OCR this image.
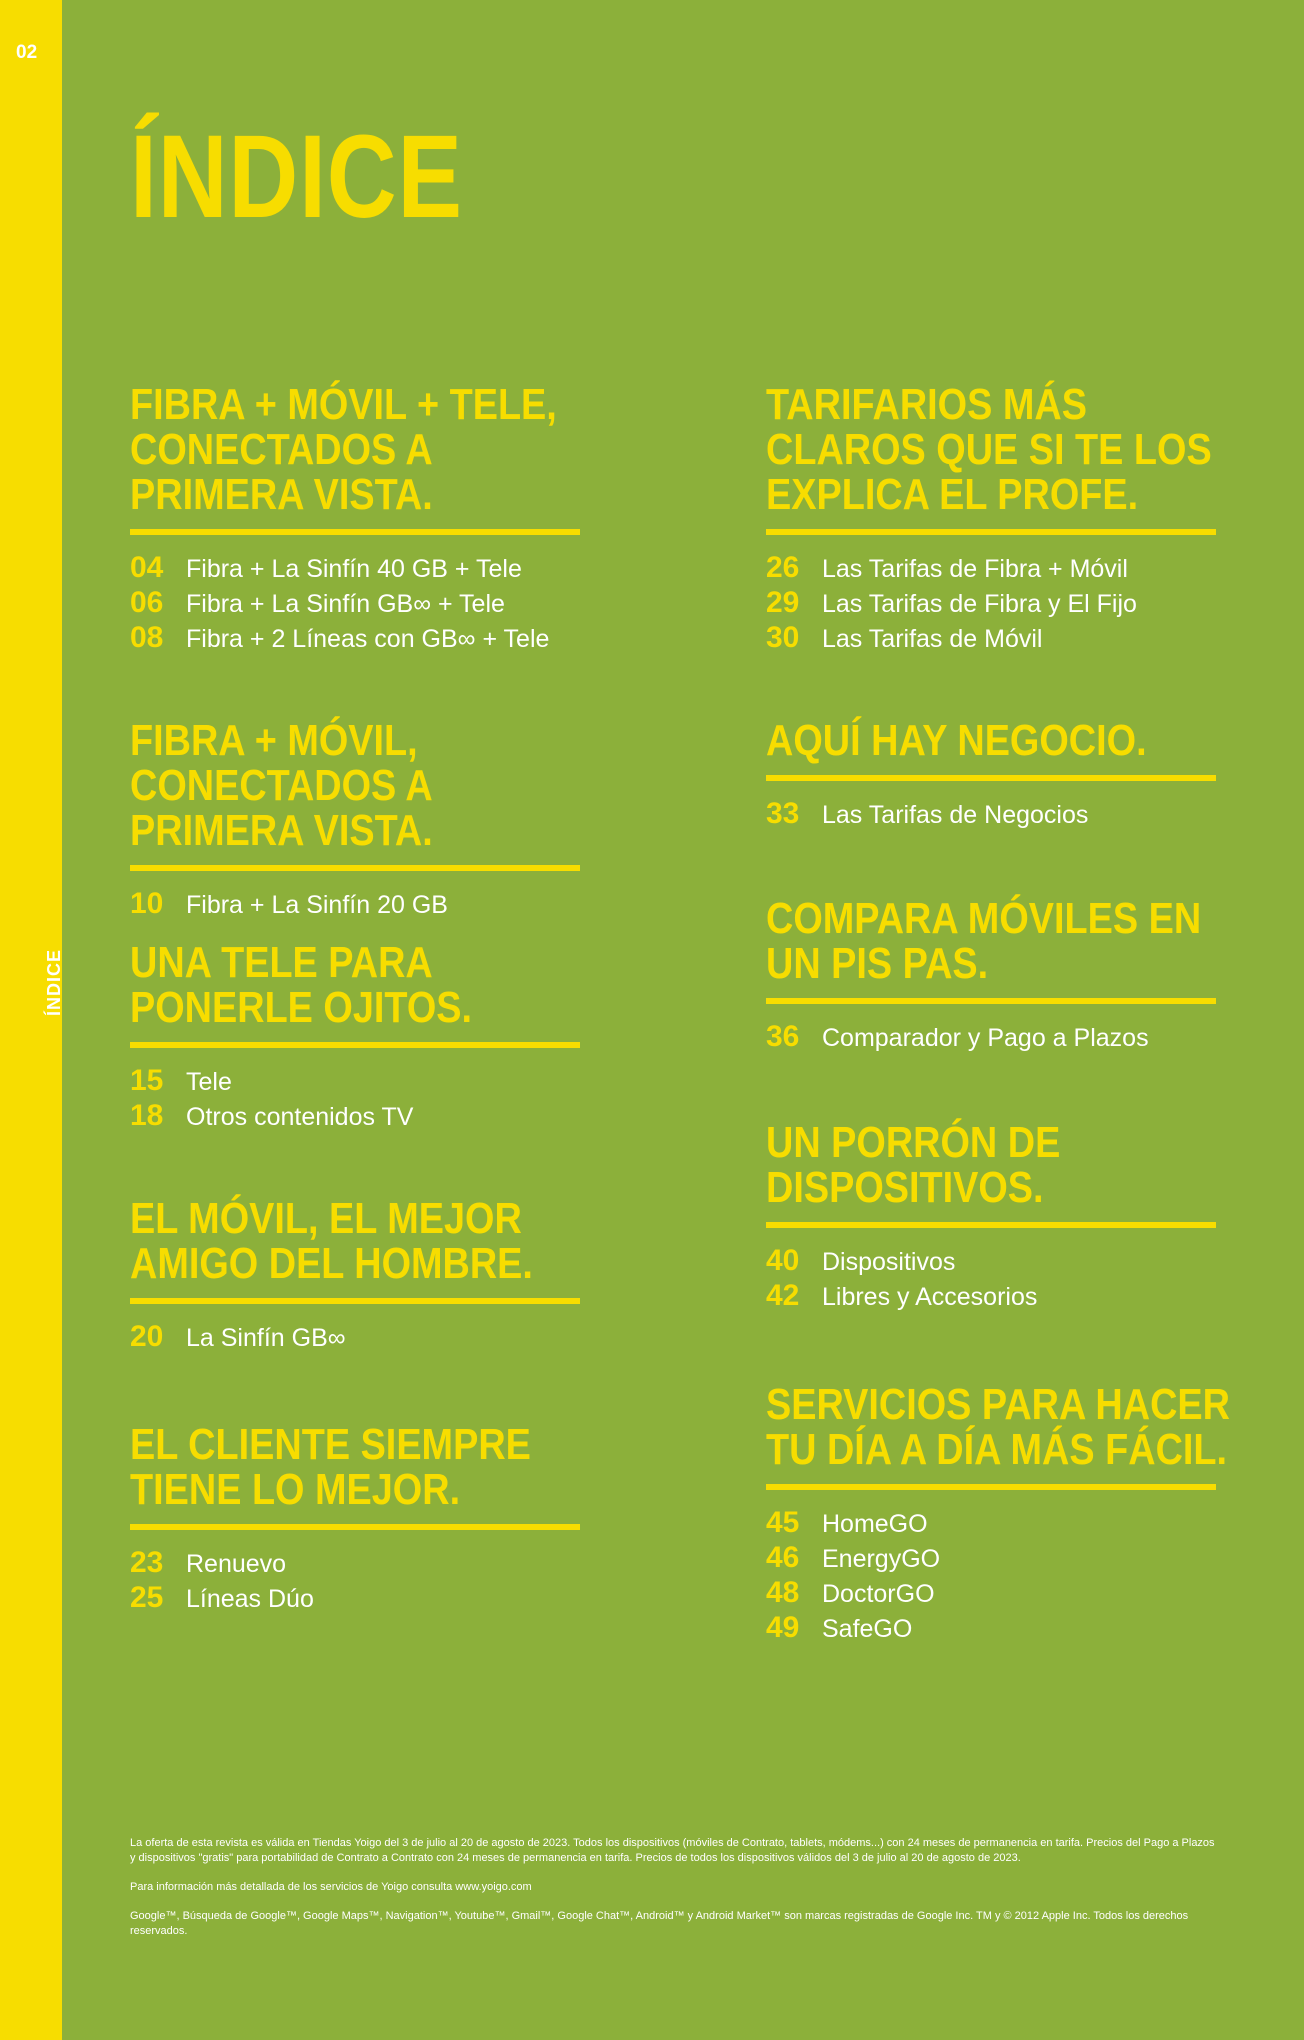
02
ÍNDICE
ÍNDICE
FIBRA + MÓVIL + TELE, CONECTADOS A PRIMERA VISTA.
04 Fibra + La Sinfín 40 GB + Tele
06 Fibra + La Sinfín GB∞ + Tele
08 Fibra + 2 Líneas con GB∞ + Tele
FIBRA + MÓVIL, CONECTADOS A PRIMERA VISTA.
10 Fibra + La Sinfín 20 GB
UNA TELE PARA PONERLE OJITOS.
15 Tele
18 Otros contenidos TV
EL MÓVIL, EL MEJOR AMIGO DEL HOMBRE.
20 La Sinfín GB∞
EL CLIENTE SIEMPRE TIENE LO MEJOR.
23 Renuevo
25 Líneas Dúo
TARIFARIOS MÁS CLAROS QUE SI TE LOS EXPLICA EL PROFE.
26 Las Tarifas de Fibra + Móvil
29 Las Tarifas de Fibra y El Fijo
30 Las Tarifas de Móvil
AQUÍ HAY NEGOCIO.
33 Las Tarifas de Negocios
COMPARA MÓVILES EN UN PIS PAS.
36 Comparador y Pago a Plazos
UN PORRÓN DE DISPOSITIVOS.
40 Dispositivos
42 Libres y Accesorios
SERVICIOS PARA HACER TU DÍA A DÍA MÁS FÁCIL.
45 HomeGO
46 EnergyGO
48 DoctorGO
49 SafeGO

La oferta de esta revista es válida en Tiendas Yoigo del 3 de julio al 20 de agosto de 2023. Todos los dispositivos (móviles de Contrato, tablets, módems...) con 24 meses de permanencia en tarifa. Precios del Pago a Plazos y dispositivos "gratis" para portabilidad de Contrato a Contrato con 24 meses de permanencia en tarifa. Precios de todos los dispositivos válidos del 3 de julio al 20 de agosto de 2023.

Para información más detallada de los servicios de Yoigo consulta www.yoigo.com

Google™, Búsqueda de Google™, Google Maps™, Navigation™, Youtube™, Gmail™, Google Chat™, Android™ y Android Market™ son marcas registradas de Google Inc. TM y © 2012 Apple Inc. Todos los derechos reservados.
